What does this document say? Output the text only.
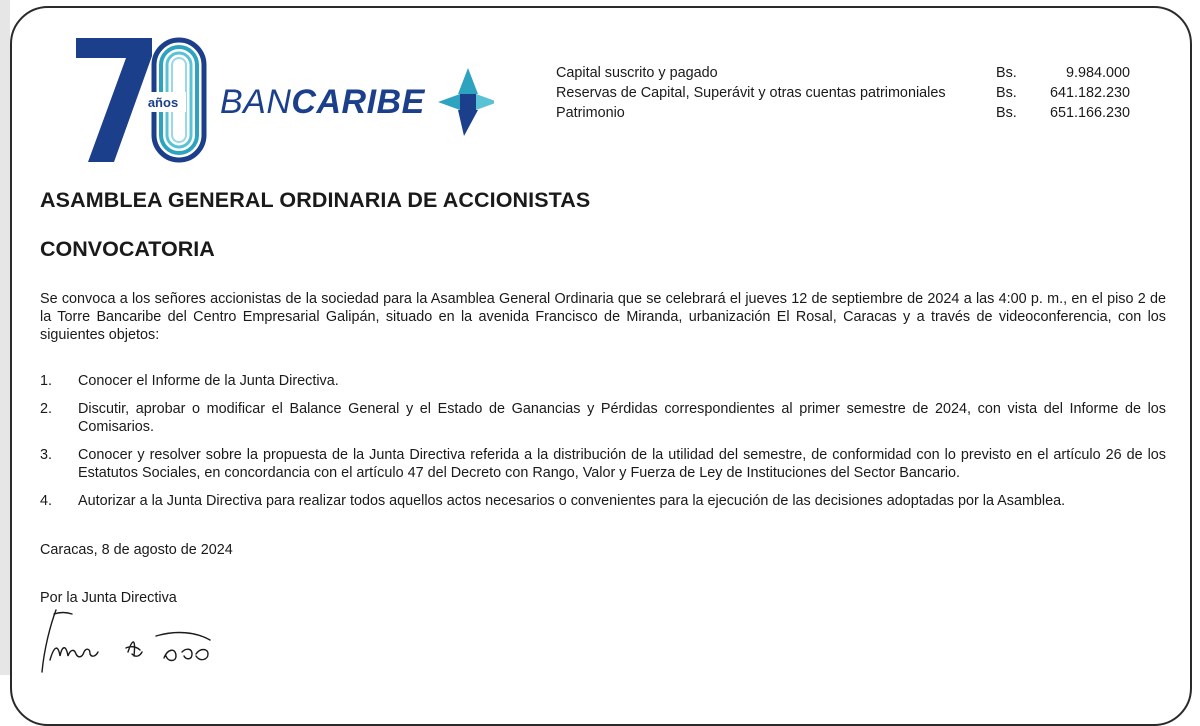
años BANCARIBE
Capital suscrito y pagado	Bs.	9.984.000
Reservas de Capital, Superávit y otras cuentas patrimoniales	Bs.	641.182.230
Patrimonio	Bs.	651.166.230
ASAMBLEA GENERAL ORDINARIA DE ACCIONISTAS
CONVOCATORIA

Se convoca a los señores accionistas de la sociedad para la Asamblea General Ordinaria que se celebrará el jueves 12 de septiembre de 2024 a las 4:00 p. m., en el piso 2 de la Torre Bancaribe del Centro Empresarial Galipán, situado en la avenida Francisco de Miranda, urbanización El Rosal, Caracas y a través de videoconferencia, con los siguientes objetos:

1.	Conocer el Informe de la Junta Directiva.
2.	Discutir, aprobar o modificar el Balance General y el Estado de Ganancias y Pérdidas correspondientes al primer semestre de 2024, con vista del Informe de los Comisarios.
3.	Conocer y resolver sobre la propuesta de la Junta Directiva referida a la distribución de la utilidad del semestre, de conformidad con lo previsto en el artículo 26 de los Estatutos Sociales, en concordancia con el artículo 47 del Decreto con Rango, Valor y Fuerza de Ley de Instituciones del Sector Bancario.
4.	Autorizar a la Junta Directiva para realizar todos aquellos actos necesarios o convenientes para la ejecución de las decisiones adoptadas por la Asamblea.
Caracas, 8 de agosto de 2024
Por la Junta Directiva
